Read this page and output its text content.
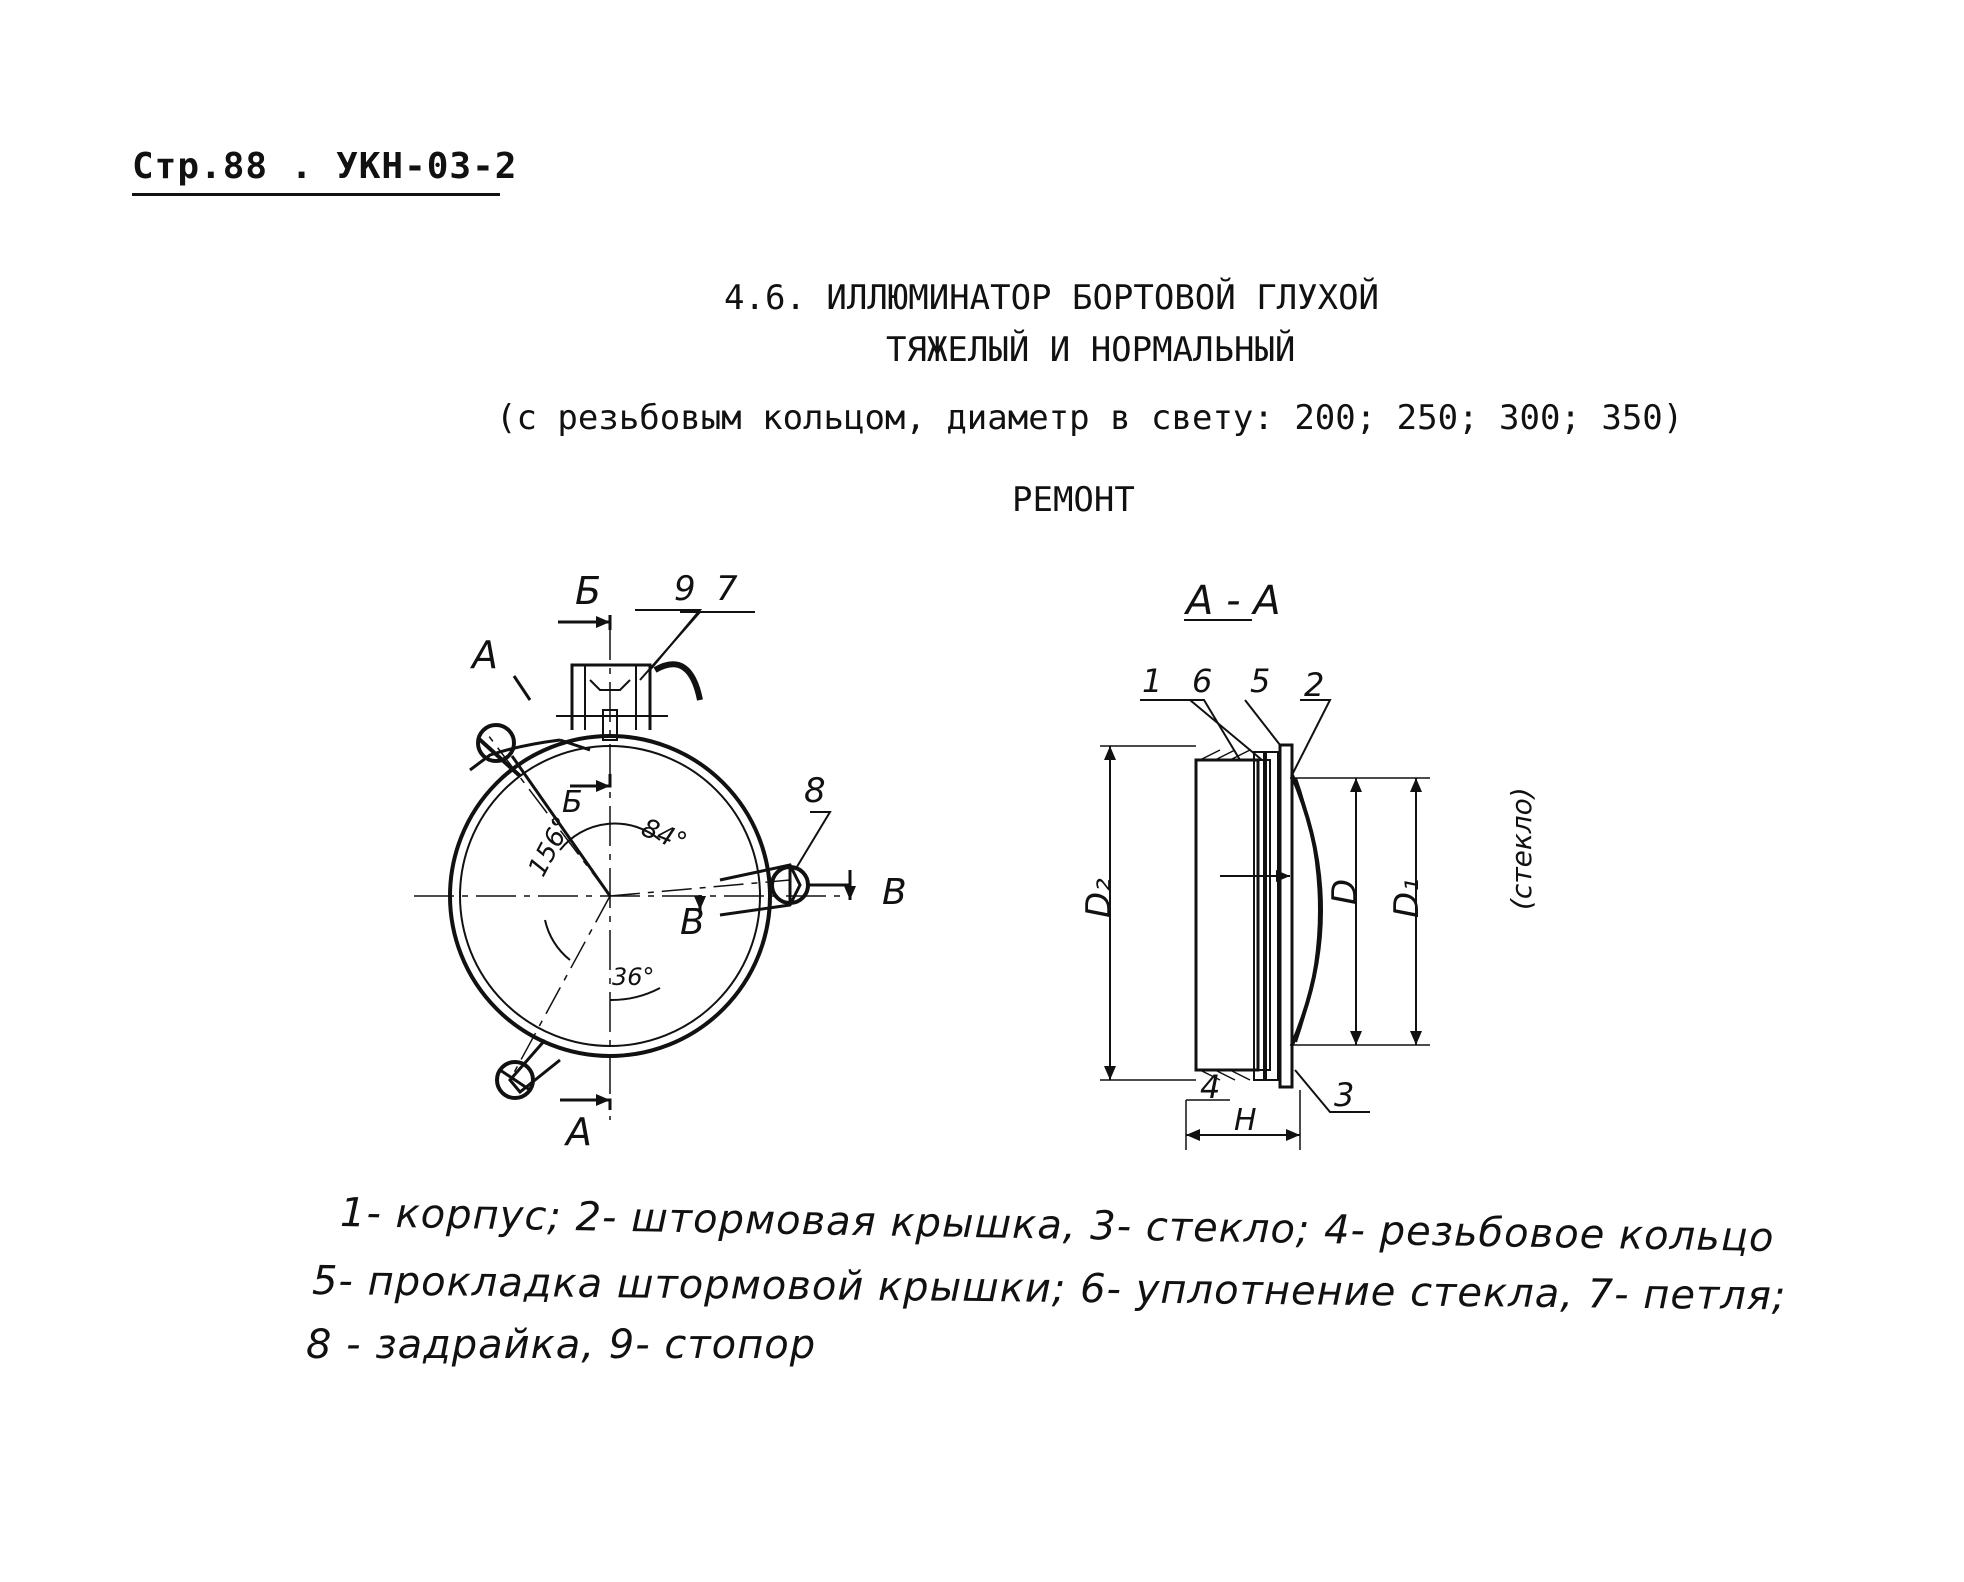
Стр.88 . УКН-03-2
4.6. ИЛЛЮМИНАТОР БОРТОВОЙ ГЛУХОЙ
ТЯЖЕЛЫЙ И НОРМАЛЬНЫЙ
(с резьбовым кольцом, диаметр в свету: 200; 250; 300; 350)
РЕМОНТ
Б
Б
А
А
В
В
9 7
8
156° 84°
36°
А - А
1 6 5 2
3
4
D₂	D D₁	(стекло)
H
1- корпус; 2- штормовая крышка, 3- стекло; 4- резьбовое кольцо
5- прокладка штормовой крышки; 6- уплотнение стекла, 7- петля;
8 - задрайка, 9- стопор
